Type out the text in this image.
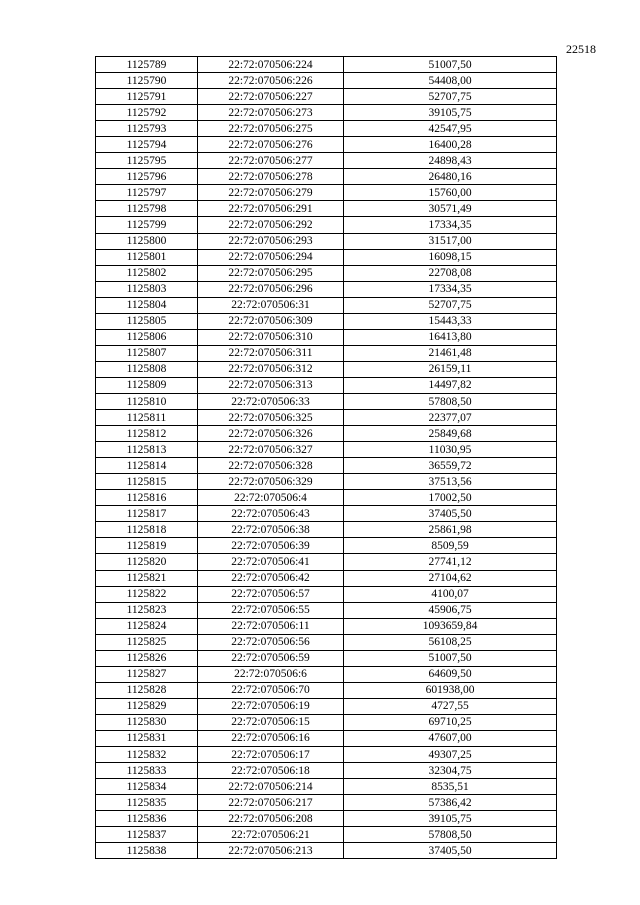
22518
1125789	22:72:070506:224	51007,50
1125790	22:72:070506:226	54408,00
1125791	22:72:070506:227	52707,75
1125792	22:72:070506:273	39105,75
1125793	22:72:070506:275	42547,95
1125794	22:72:070506:276	16400,28
1125795	22:72:070506:277	24898,43
1125796	22:72:070506:278	26480,16
1125797	22:72:070506:279	15760,00
1125798	22:72:070506:291	30571,49
1125799	22:72:070506:292	17334,35
1125800	22:72:070506:293	31517,00
1125801	22:72:070506:294	16098,15
1125802	22:72:070506:295	22708,08
1125803	22:72:070506:296	17334,35
1125804	22:72:070506:31	52707,75
1125805	22:72:070506:309	15443,33
1125806	22:72:070506:310	16413,80
1125807	22:72:070506:311	21461,48
1125808	22:72:070506:312	26159,11
1125809	22:72:070506:313	14497,82
1125810	22:72:070506:33	57808,50
1125811	22:72:070506:325	22377,07
1125812	22:72:070506:326	25849,68
1125813	22:72:070506:327	11030,95
1125814	22:72:070506:328	36559,72
1125815	22:72:070506:329	37513,56
1125816	22:72:070506:4	17002,50
1125817	22:72:070506:43	37405,50
1125818	22:72:070506:38	25861,98
1125819	22:72:070506:39	8509,59
1125820	22:72:070506:41	27741,12
1125821	22:72:070506:42	27104,62
1125822	22:72:070506:57	4100,07
1125823	22:72:070506:55	45906,75
1125824	22:72:070506:11	1093659,84
1125825	22:72:070506:56	56108,25
1125826	22:72:070506:59	51007,50
1125827	22:72:070506:6	64609,50
1125828	22:72:070506:70	601938,00
1125829	22:72:070506:19	4727,55
1125830	22:72:070506:15	69710,25
1125831	22:72:070506:16	47607,00
1125832	22:72:070506:17	49307,25
1125833	22:72:070506:18	32304,75
1125834	22:72:070506:214	8535,51
1125835	22:72:070506:217	57386,42
1125836	22:72:070506:208	39105,75
1125837	22:72:070506:21	57808,50
1125838	22:72:070506:213	37405,50
